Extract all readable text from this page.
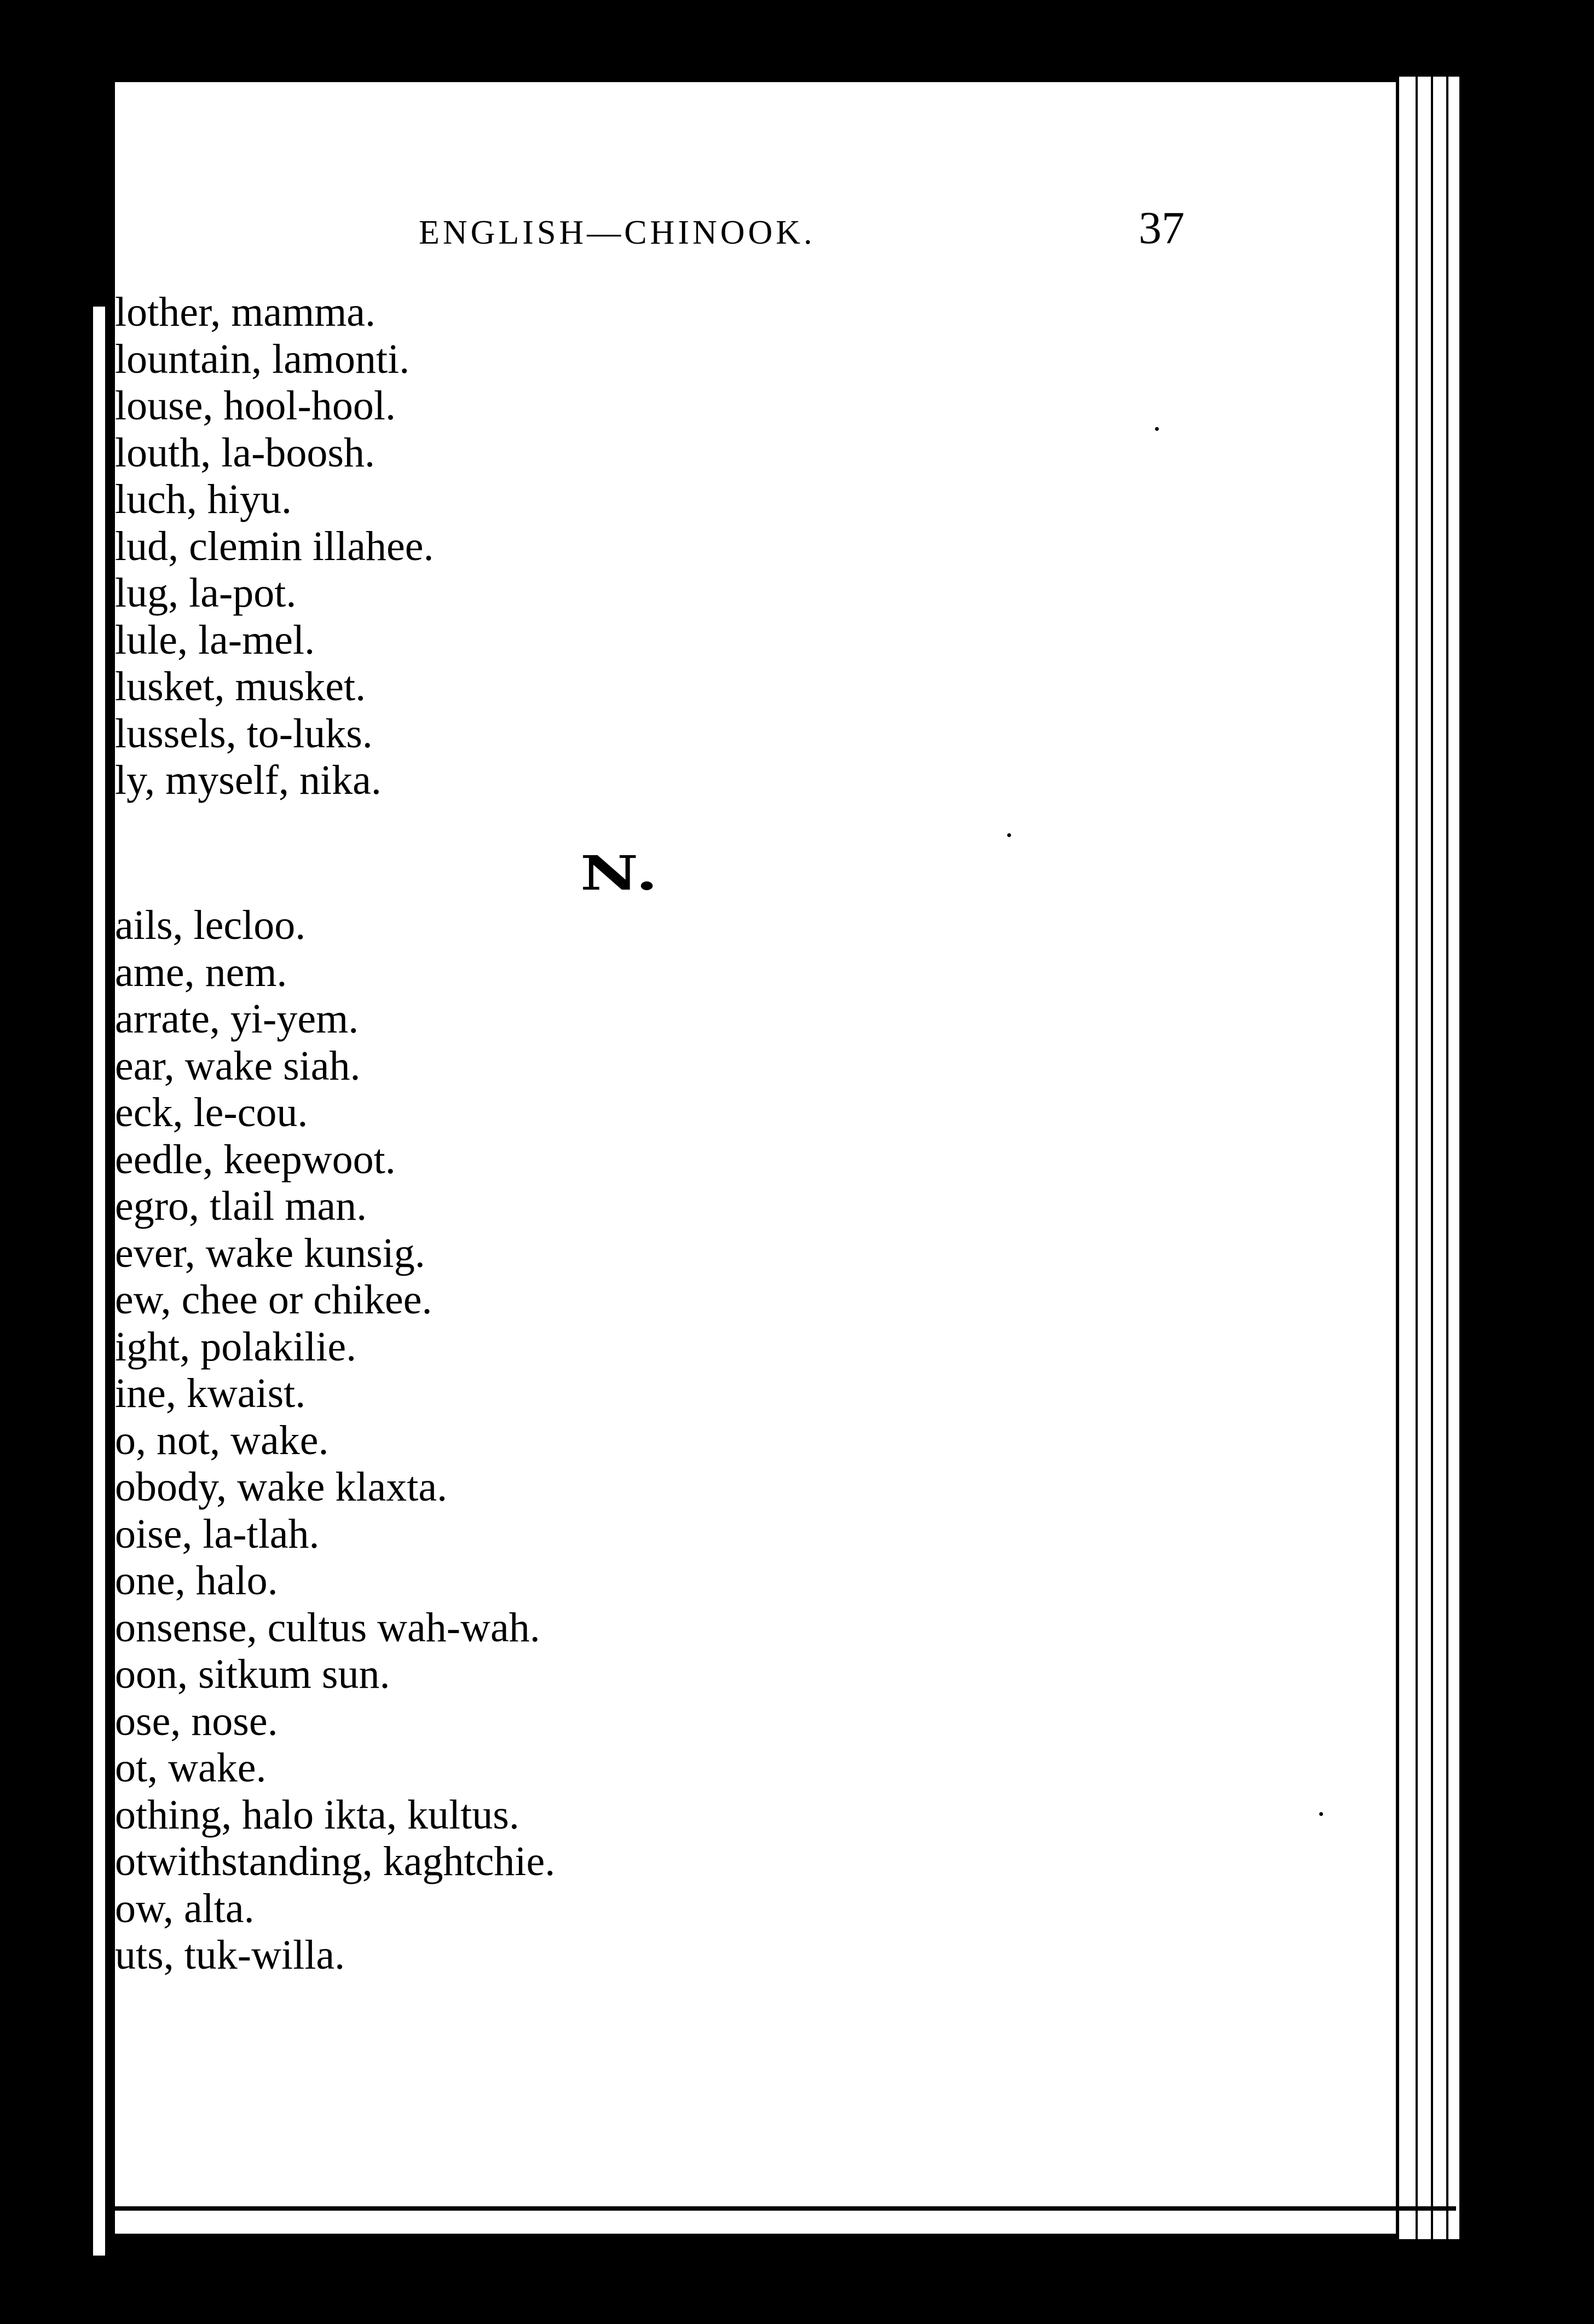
ENGLISH—CHINOOK.	37
lother, mamma.
lountain, lamonti.
louse, hool-hool.
louth, la-boosh.
luch, hiyu.
lud, clemin illahee.
lug, la-pot.
lule, la-mel.
lusket, musket.
lussels, to-luks.
ly, myself, nika.
N.
ails, lecloo.
ame, nem.
arrate, yi-yem.
ear, wake siah.
eck, le-cou.
eedle, keepwoot.
egro, tlail man.
ever, wake kunsig.
ew, chee or chikee.
ight, polakilie.
ine, kwaist.
o, not, wake.
obody, wake klaxta.
oise, la-tlah.
one, halo.
onsense, cultus wah-wah.
oon, sitkum sun.
ose, nose.
ot, wake.
othing, halo ikta, kultus.
otwithstanding, kaghtchie.
ow, alta.
uts, tuk-willa.
